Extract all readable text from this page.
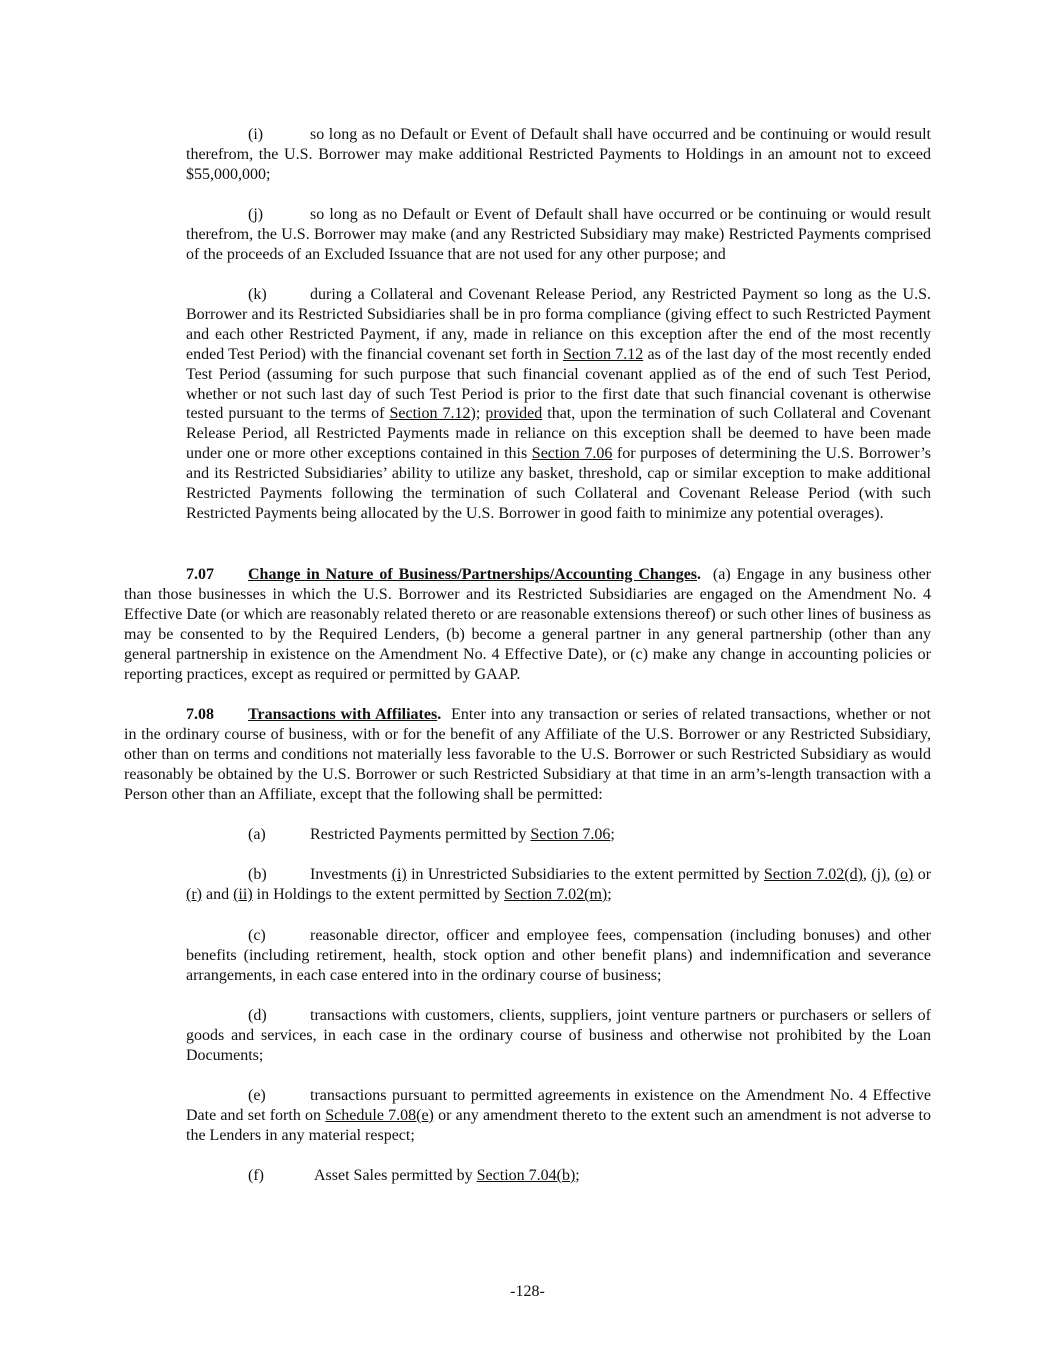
(i)	so long as no Default or Event of Default shall have occurred and be continuing or would result therefrom, the U.S. Borrower may make additional Restricted Payments to Holdings in an amount not to exceed $55,000,000;

(j)	so long as no Default or Event of Default shall have occurred or be continuing or would result therefrom, the U.S. Borrower may make (and any Restricted Subsidiary may make) Restricted Payments comprised of the proceeds of an Excluded Issuance that are not used for any other purpose; and

(k)	during a Collateral and Covenant Release Period, any Restricted Payment so long as the U.S. Borrower and its Restricted Subsidiaries shall be in pro forma compliance (giving effect to such Restricted Payment and each other Restricted Payment, if any, made in reliance on this exception after the end of the most recently ended Test Period) with the financial covenant set forth in Section 7.12 as of the last day of the most recently ended Test Period (assuming for such purpose that such financial covenant applied as of the end of such Test Period, whether or not such last day of such Test Period is prior to the first date that such financial covenant is otherwise tested pursuant to the terms of Section 7.12); provided that, upon the termination of such Collateral and Covenant Release Period, all Restricted Payments made in reliance on this exception shall be deemed to have been made under one or more other exceptions contained in this Section 7.06 for purposes of determining the U.S. Borrower’s and its Restricted Subsidiaries’ ability to utilize any basket, threshold, cap or similar exception to make additional Restricted Payments following the termination of such Collateral and Covenant Release Period (with such Restricted Payments being allocated by the U.S. Borrower in good faith to minimize any potential overages).

7.07 Change in Nature of Business/Partnerships/Accounting Changes. (a) Engage in any business other than those businesses in which the U.S. Borrower and its Restricted Subsidiaries are engaged on the Amendment No. 4 Effective Date (or which are reasonably related thereto or are reasonable extensions thereof) or such other lines of business as may be consented to by the Required Lenders, (b) become a general partner in any general partnership (other than any general partnership in existence on the Amendment No. 4 Effective Date), or (c) make any change in accounting policies or reporting practices, except as required or permitted by GAAP.

7.08 Transactions with Affiliates. Enter into any transaction or series of related transactions, whether or not in the ordinary course of business, with or for the benefit of any Affiliate of the U.S. Borrower or any Restricted Subsidiary, other than on terms and conditions not materially less favorable to the U.S. Borrower or such Restricted Subsidiary as would reasonably be obtained by the U.S. Borrower or such Restricted Subsidiary at that time in an arm’s-length transaction with a Person other than an Affiliate, except that the following shall be permitted:

(a)	Restricted Payments permitted by Section 7.06;

(b)	Investments (i) in Unrestricted Subsidiaries to the extent permitted by Section 7.02(d), (j), (o) or (r) and (ii) in Holdings to the extent permitted by Section 7.02(m);

(c)	reasonable director, officer and employee fees, compensation (including bonuses) and other benefits (including retirement, health, stock option and other benefit plans) and indemnification and severance arrangements, in each case entered into in the ordinary course of business;

(d)	transactions with customers, clients, suppliers, joint venture partners or purchasers or sellers of goods and services, in each case in the ordinary course of business and otherwise not prohibited by the Loan Documents;

(e)	transactions pursuant to permitted agreements in existence on the Amendment No. 4 Effective Date and set forth on Schedule 7.08(e) or any amendment thereto to the extent such an amendment is not adverse to the Lenders in any material respect;

(f)	Asset Sales permitted by Section 7.04(b);

-128-
